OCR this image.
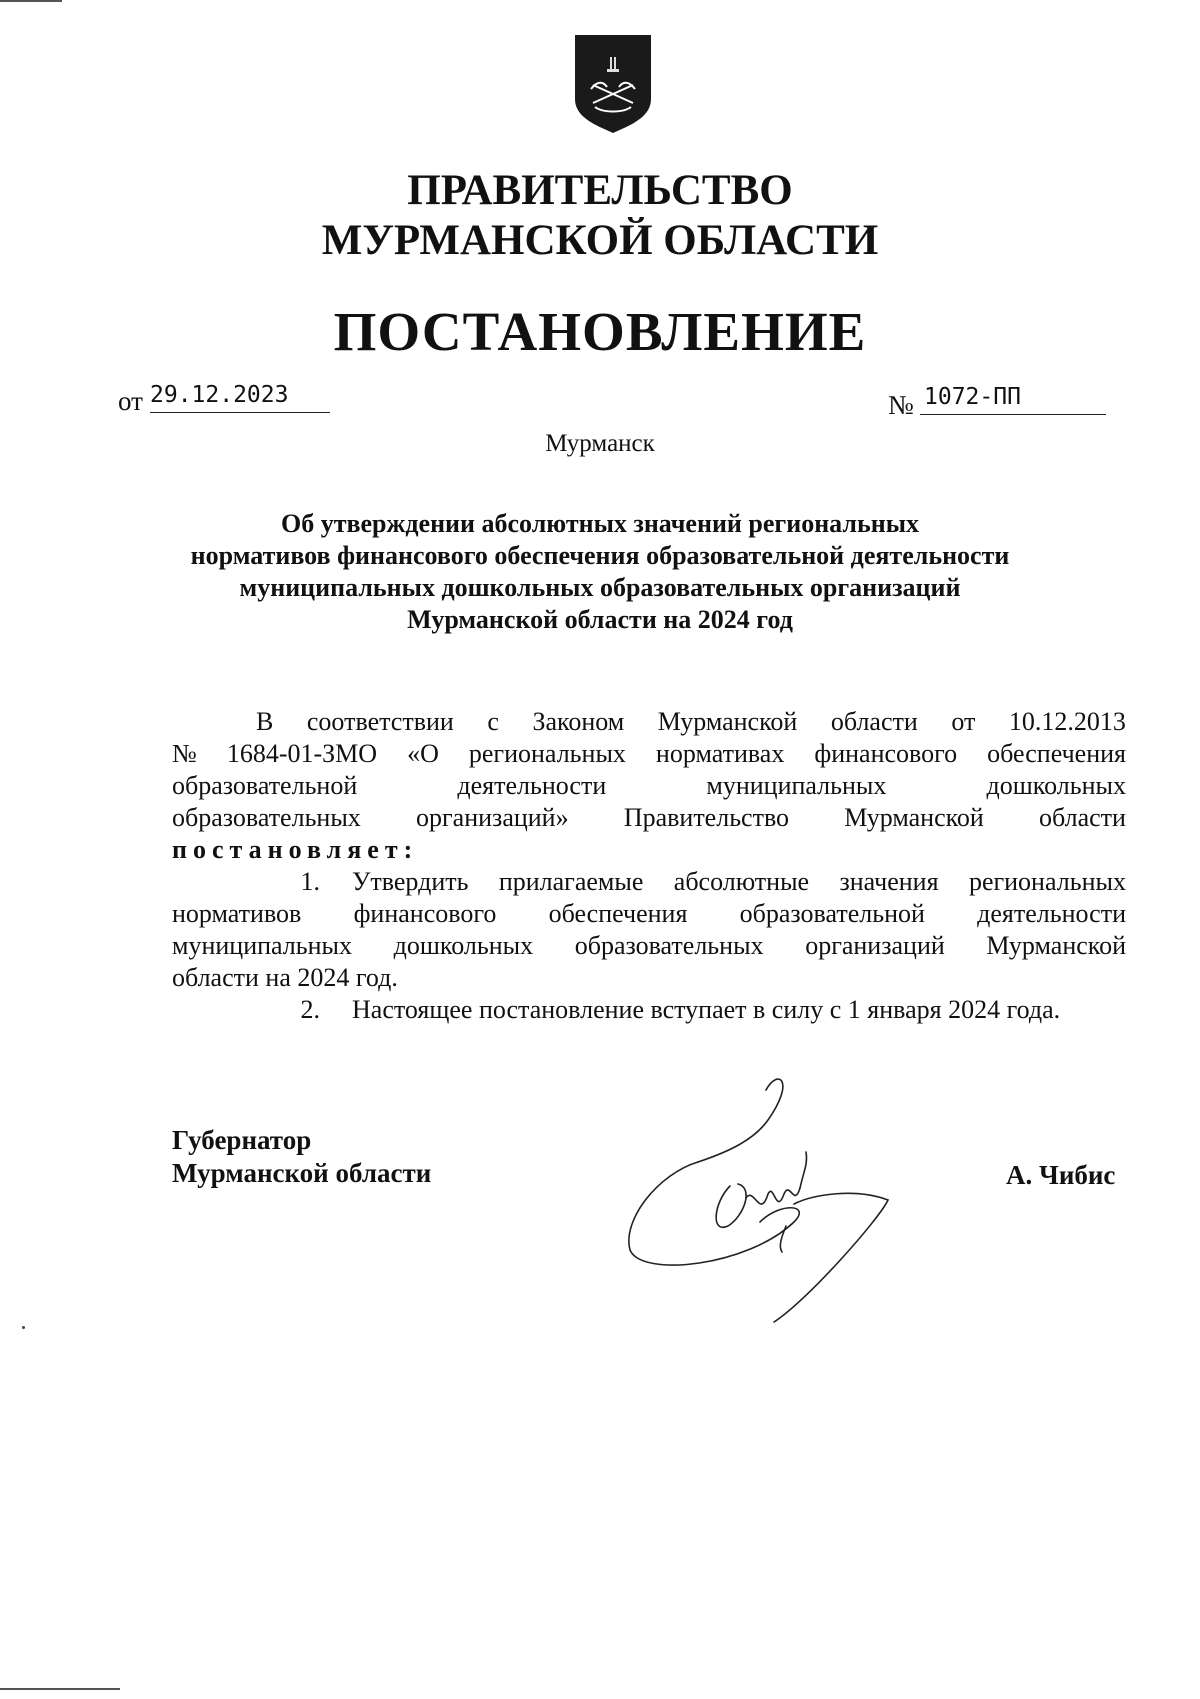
ПРАВИТЕЛЬСТВО
МУРМАНСКОЙ ОБЛАСТИ
ПОСТАНОВЛЕНИЕ
от 29.12.2023	№ 1072-ПП
Мурманск
Об утверждении абсолютных значений региональных
нормативов финансового обеспечения образовательной деятельности
муниципальных дошкольных образовательных организаций
Мурманской области на 2024 год
В соответствии с Законом Мурманской области от 10.12.2013
№ 1684-01-ЗМО «О региональных нормативах финансового обеспечения
образовательной	деятельности	муниципальных	дошкольных
образовательных организаций» Правительство Мурманской области
постановляет:
1. Утвердить прилагаемые абсолютные значения региональных
нормативов финансового обеспечения образовательной деятельности
муниципальных дошкольных образовательных организаций Мурманской
области на 2024 год.
2.	Настоящее постановление вступает в силу с 1 января 2024 года.
Губернатор
Мурманской области	А. Чибис
